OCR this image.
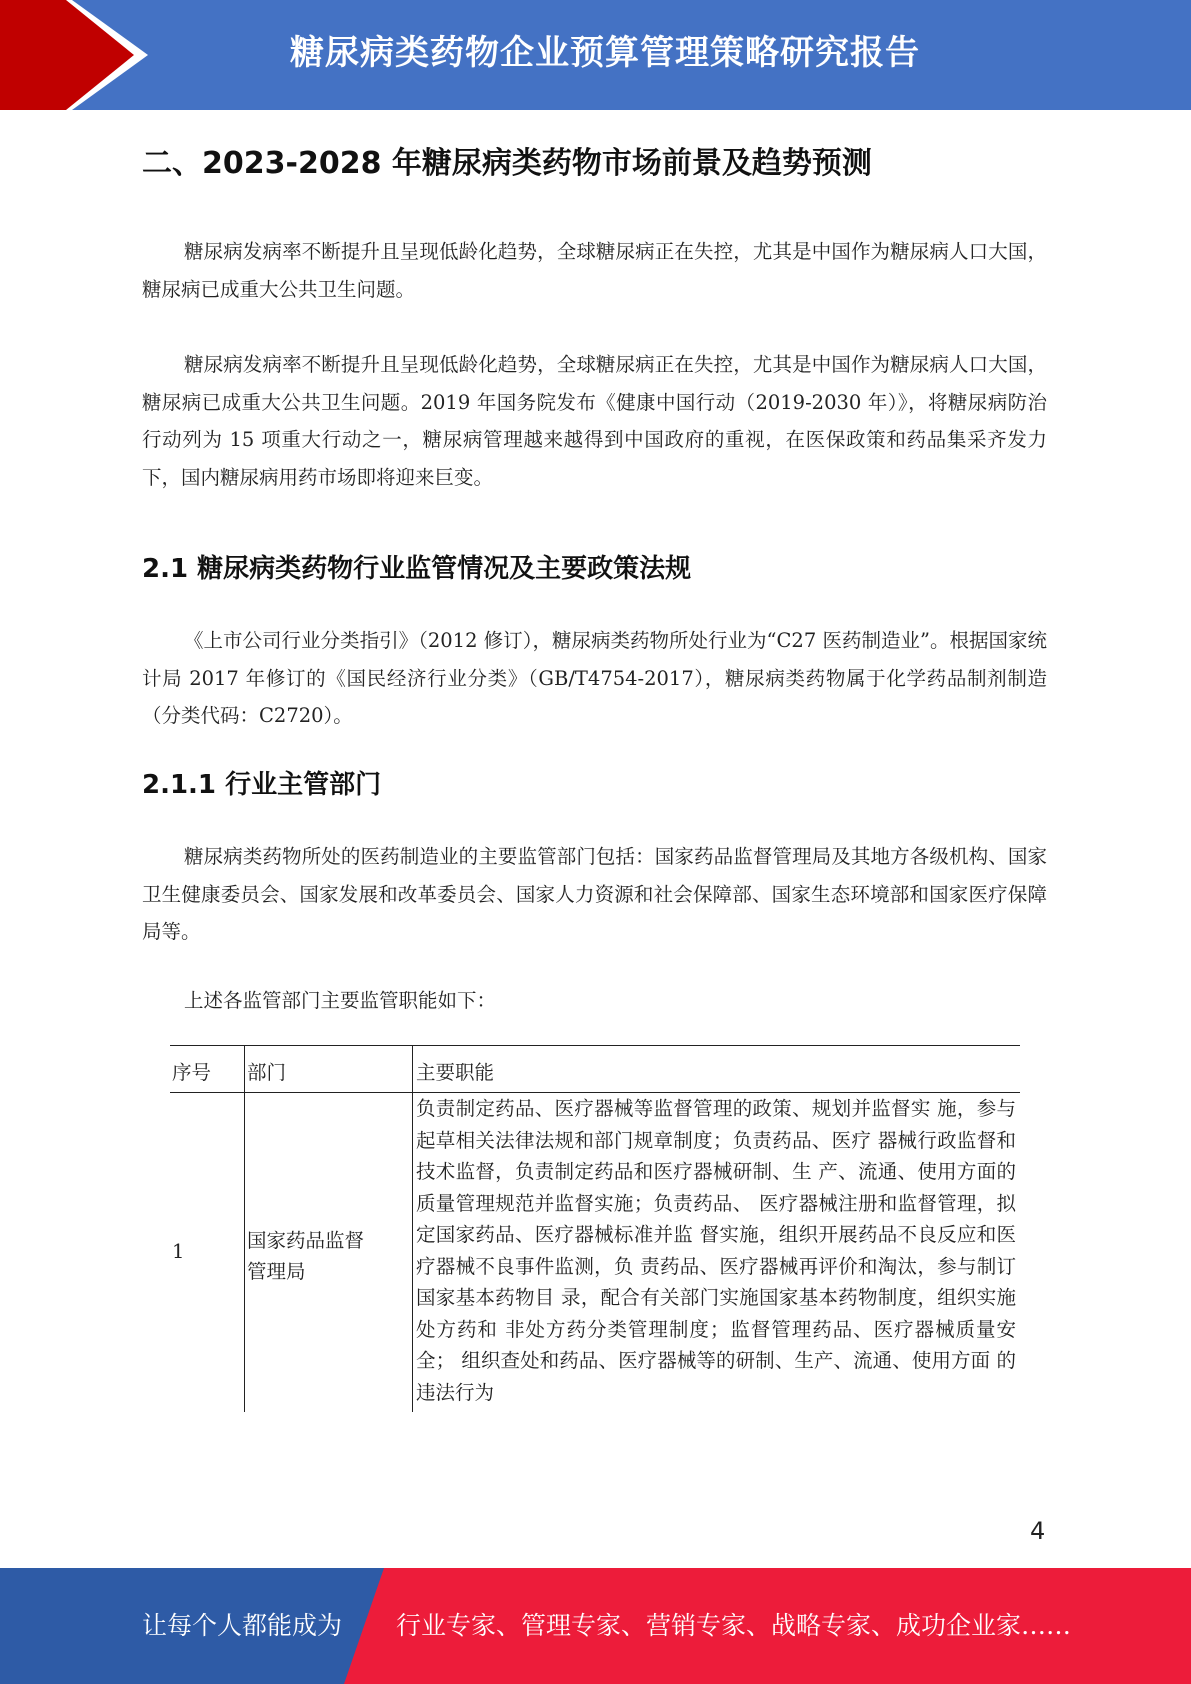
糖尿病类药物企业预算管理策略研究报告
二、2023-2028 年糖尿病类药物市场前景及趋势预测
糖尿病发病率不断提升且呈现低龄化趋势，全球糖尿病正在失控，尤其是中国作为糖尿病人口大国，糖尿病已成重大公共卫生问题。
糖尿病发病率不断提升且呈现低龄化趋势，全球糖尿病正在失控，尤其是中国作为糖尿病人口大国，糖尿病已成重大公共卫生问题。2019 年国务院发布《健康中国行动（2019-2030 年）》，将糖尿病防治行动列为 15 项重大行动之一，糖尿病管理越来越得到中国政府的重视，在医保政策和药品集采齐发力下，国内糖尿病用药市场即将迎来巨变。
2.1 糖尿病类药物行业监管情况及主要政策法规
《上市公司行业分类指引》（2012 修订），糖尿病类药物所处行业为“C27 医药制造业”。根据国家统计局 2017 年修订的《国民经济行业分类》（GB/T4754-2017），糖尿病类药物属于化学药品制剂制造（分类代码：C2720）。
2.1.1 行业主管部门
糖尿病类药物所处的医药制造业的主要监管部门包括：国家药品监督管理局及其地方各级机构、国家卫生健康委员会、国家发展和改革委员会、国家人力资源和社会保障部、国家生态环境部和国家医疗保障局等。
上述各监管部门主要监管职能如下：
序号 部门	主要职能
1	国家药品监督
管理局
负责制定药品、医疗器械等监督管理的政策、规划并监督实 施，参与起草相关法律法规和部门规章制度；负责药品、医疗 器械行政监督和技术监督，负责制定药品和医疗器械研制、生 产、流通、使用方面的质量管理规范并监督实施；负责药品、 医疗器械注册和监督管理，拟定国家药品、医疗器械标准并监 督实施，组织开展药品不良反应和医疗器械不良事件监测，负 责药品、医疗器械再评价和淘汰，参与制订国家基本药物目 录，配合有关部门实施国家基本药物制度，组织实施处方药和 非处方药分类管理制度；监督管理药品、医疗器械质量安全； 组织查处和药品、医疗器械等的研制、生产、流通、使用方面 的违法行为
4
让每个人都能成为 行业专家、管理专家、营销专家、战略专家、成功企业家……
